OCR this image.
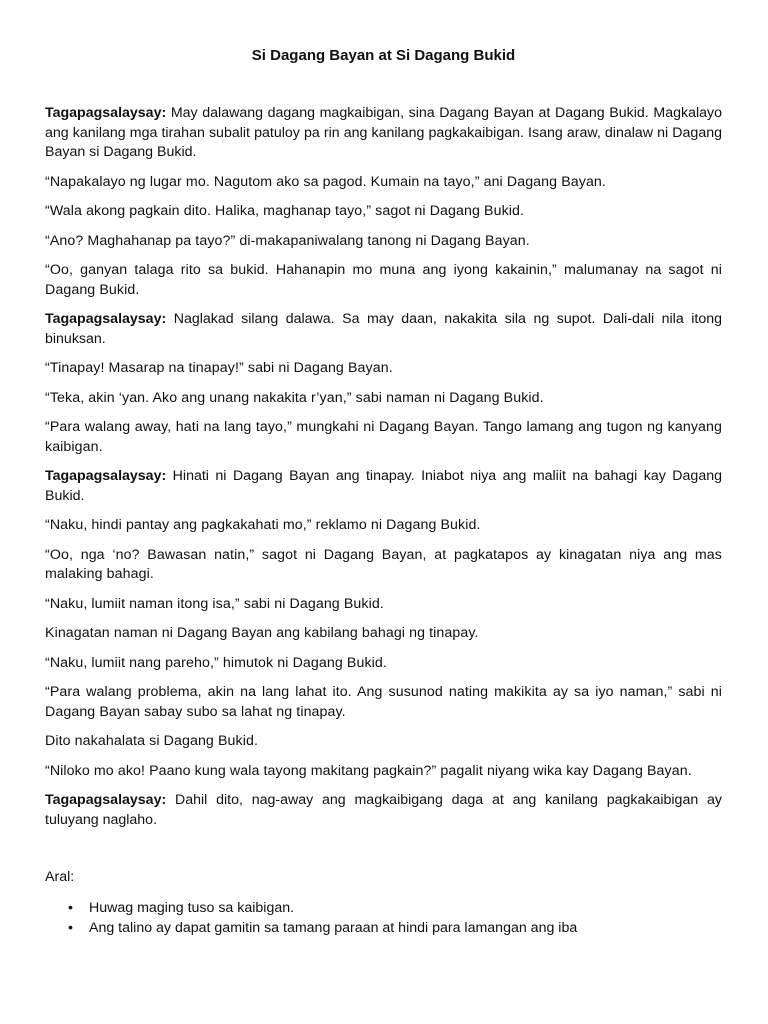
Si Dagang Bayan at Si Dagang Bukid
Tagapagsalaysay: May dalawang dagang magkaibigan, sina Dagang Bayan at Dagang Bukid. Magkalayo ang kanilang mga tirahan subalit patuloy pa rin ang kanilang pagkakaibigan. Isang araw, dinalaw ni Dagang Bayan si Dagang Bukid.
“Napakalayo ng lugar mo. Nagutom ako sa pagod. Kumain na tayo,” ani Dagang Bayan.
“Wala akong pagkain dito. Halika, maghanap tayo,” sagot ni Dagang Bukid.
“Ano? Maghahanap pa tayo?” di-makapaniwalang tanong ni Dagang Bayan.
“Oo, ganyan talaga rito sa bukid. Hahanapin mo muna ang iyong kakainin,” malumanay na sagot ni Dagang Bukid.
Tagapagsalaysay: Naglakad silang dalawa. Sa may daan, nakakita sila ng supot. Dali-dali nila itong binuksan.
“Tinapay! Masarap na tinapay!” sabi ni Dagang Bayan.
“Teka, akin ‘yan. Ako ang unang nakakita r’yan,” sabi naman ni Dagang Bukid.
“Para walang away, hati na lang tayo,” mungkahi ni Dagang Bayan. Tango lamang ang tugon ng kanyang kaibigan.
Tagapagsalaysay: Hinati ni Dagang Bayan ang tinapay. Iniabot niya ang maliit na bahagi kay Dagang Bukid.
“Naku, hindi pantay ang pagkakahati mo,” reklamo ni Dagang Bukid.
“Oo, nga ‘no? Bawasan natin,” sagot ni Dagang Bayan, at pagkatapos ay kinagatan niya ang mas malaking bahagi.
“Naku, lumiit naman itong isa,” sabi ni Dagang Bukid.
Kinagatan naman ni Dagang Bayan ang kabilang bahagi ng tinapay.
“Naku, lumiit nang pareho,” himutok ni Dagang Bukid.
“Para walang problema, akin na lang lahat ito. Ang susunod nating makikita ay sa iyo naman,” sabi ni Dagang Bayan sabay subo sa lahat ng tinapay.
Dito nakahalata si Dagang Bukid.
“Niloko mo ako! Paano kung wala tayong makitang pagkain?” pagalit niyang wika kay Dagang Bayan.
Tagapagsalaysay: Dahil dito, nag-away ang magkaibigang daga at ang kanilang pagkakaibigan ay tuluyang naglaho.
Aral:
• Huwag maging tuso sa kaibigan.
• Ang talino ay dapat gamitin sa tamang paraan at hindi para lamangan ang iba
